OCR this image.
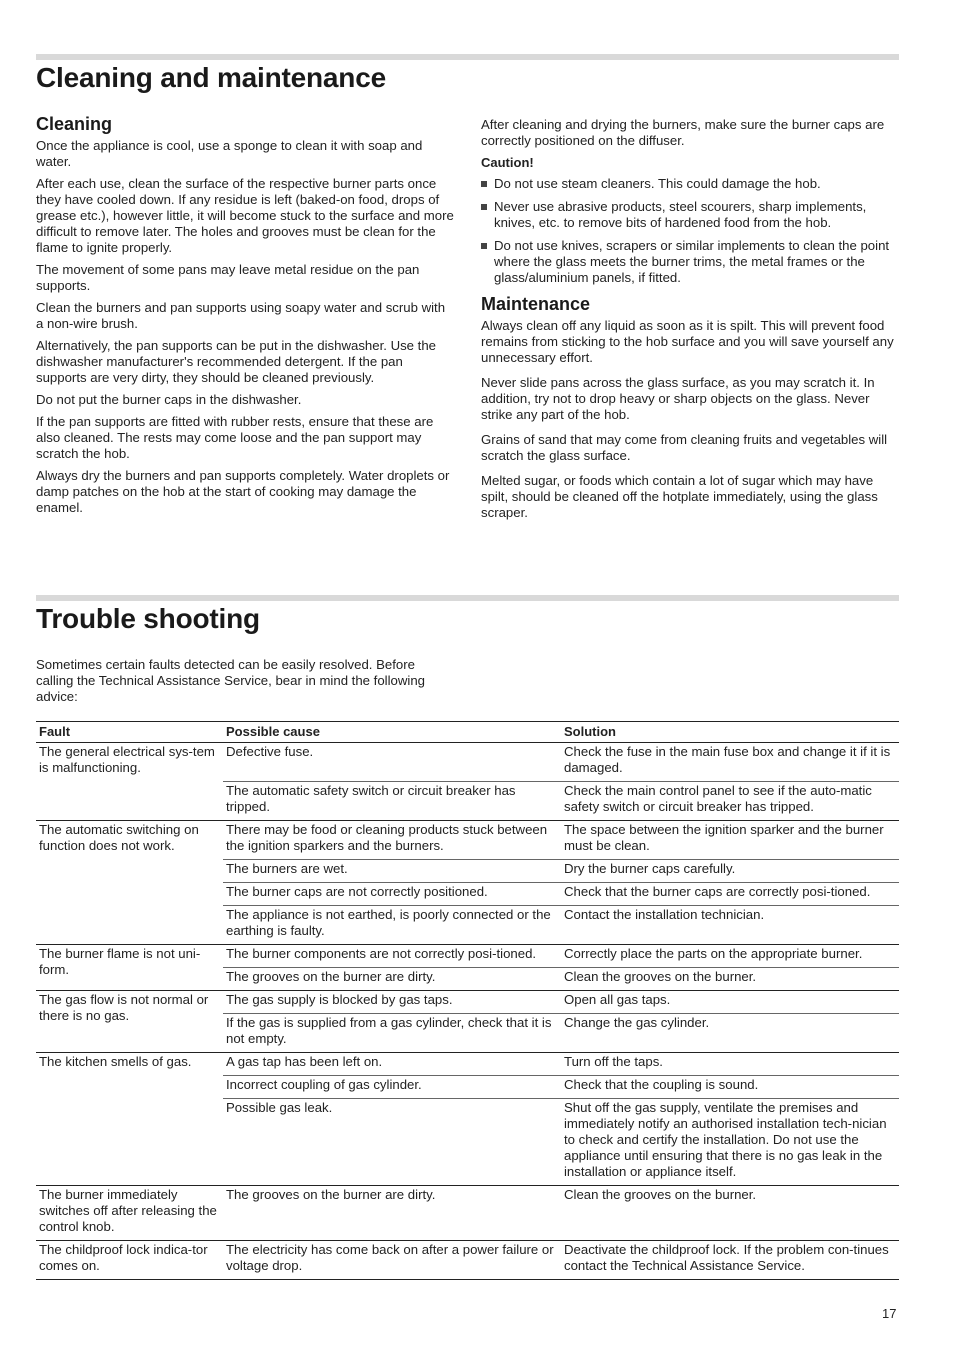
Cleaning and maintenance
Cleaning

Once the appliance is cool, use a sponge to clean it with soap and water.

After each use, clean the surface of the respective burner parts once they have cooled down. If any residue is left (baked-on food, drops of grease etc.), however little, it will become stuck to the surface and more difficult to remove later. The holes and grooves must be clean for the flame to ignite properly.

The movement of some pans may leave metal residue on the pan supports.

Clean the burners and pan supports using soapy water and scrub with a non-wire brush.

Alternatively, the pan supports can be put in the dishwasher. Use the dishwasher manufacturer's recommended detergent. If the pan supports are very dirty, they should be cleaned previously.

Do not put the burner caps in the dishwasher.

If the pan supports are fitted with rubber rests, ensure that these are also cleaned. The rests may come loose and the pan support may scratch the hob.

Always dry the burners and pan supports completely. Water droplets or damp patches on the hob at the start of cooking may damage the enamel.

After cleaning and drying the burners, make sure the burner caps are correctly positioned on the diffuser.

Caution!
Do not use steam cleaners. This could damage the hob.
Never use abrasive products, steel scourers, sharp implements, knives, etc. to remove bits of hardened food from the hob.
Do not use knives, scrapers or similar implements to clean the point where the glass meets the burner trims, the metal frames or the glass/aluminium panels, if fitted.
Maintenance

Always clean off any liquid as soon as it is spilt. This will prevent food remains from sticking to the hob surface and you will save yourself any unnecessary effort.

Never slide pans across the glass surface, as you may scratch it. In addition, try not to drop heavy or sharp objects on the glass. Never strike any part of the hob.

Grains of sand that may come from cleaning fruits and vegetables will scratch the glass surface.

Melted sugar, or foods which contain a lot of sugar which may have spilt, should be cleaned off the hotplate immediately, using the glass scraper.

Trouble shooting

Sometimes certain faults detected can be easily resolved. Before calling the Technical Assistance Service, bear in mind the following advice:

Fault	Possible cause	Solution
The general electrical sys-tem is malfunctioning.	Defective fuse.	Check the fuse in the main fuse box and change it if it is damaged.
	The automatic safety switch or circuit breaker has tripped.	Check the main control panel to see if the auto-matic safety switch or circuit breaker has tripped.
The automatic switching on function does not work.	There may be food or cleaning products stuck between the ignition sparkers and the burners.	The space between the ignition sparker and the burner must be clean.
	The burners are wet.	Dry the burner caps carefully.
	The burner caps are not correctly positioned.	Check that the burner caps are correctly posi-tioned.
	The appliance is not earthed, is poorly connected or the earthing is faulty.	Contact the installation technician.
The burner flame is not uni-form.	The burner components are not correctly posi-tioned.	Correctly place the parts on the appropriate burner.
	The grooves on the burner are dirty.	Clean the grooves on the burner.
The gas flow is not normal or there is no gas.	The gas supply is blocked by gas taps.	Open all gas taps.
	If the gas is supplied from a gas cylinder, check that it is not empty.	Change the gas cylinder.
The kitchen smells of gas.	A gas tap has been left on.	Turn off the taps.
	Incorrect coupling of gas cylinder.	Check that the coupling is sound.
	Possible gas leak.	Shut off the gas supply, ventilate the premises and immediately notify an authorised installation tech-nician to check and certify the installation. Do not use the appliance until ensuring that there is no gas leak in the installation or appliance itself.
The burner immediately switches off after releasing the control knob.	The grooves on the burner are dirty.	Clean the grooves on the burner.
The childproof lock indica-tor comes on.	The electricity has come back on after a power failure or voltage drop.	Deactivate the childproof lock. If the problem con-tinues contact the Technical Assistance Service.
17
